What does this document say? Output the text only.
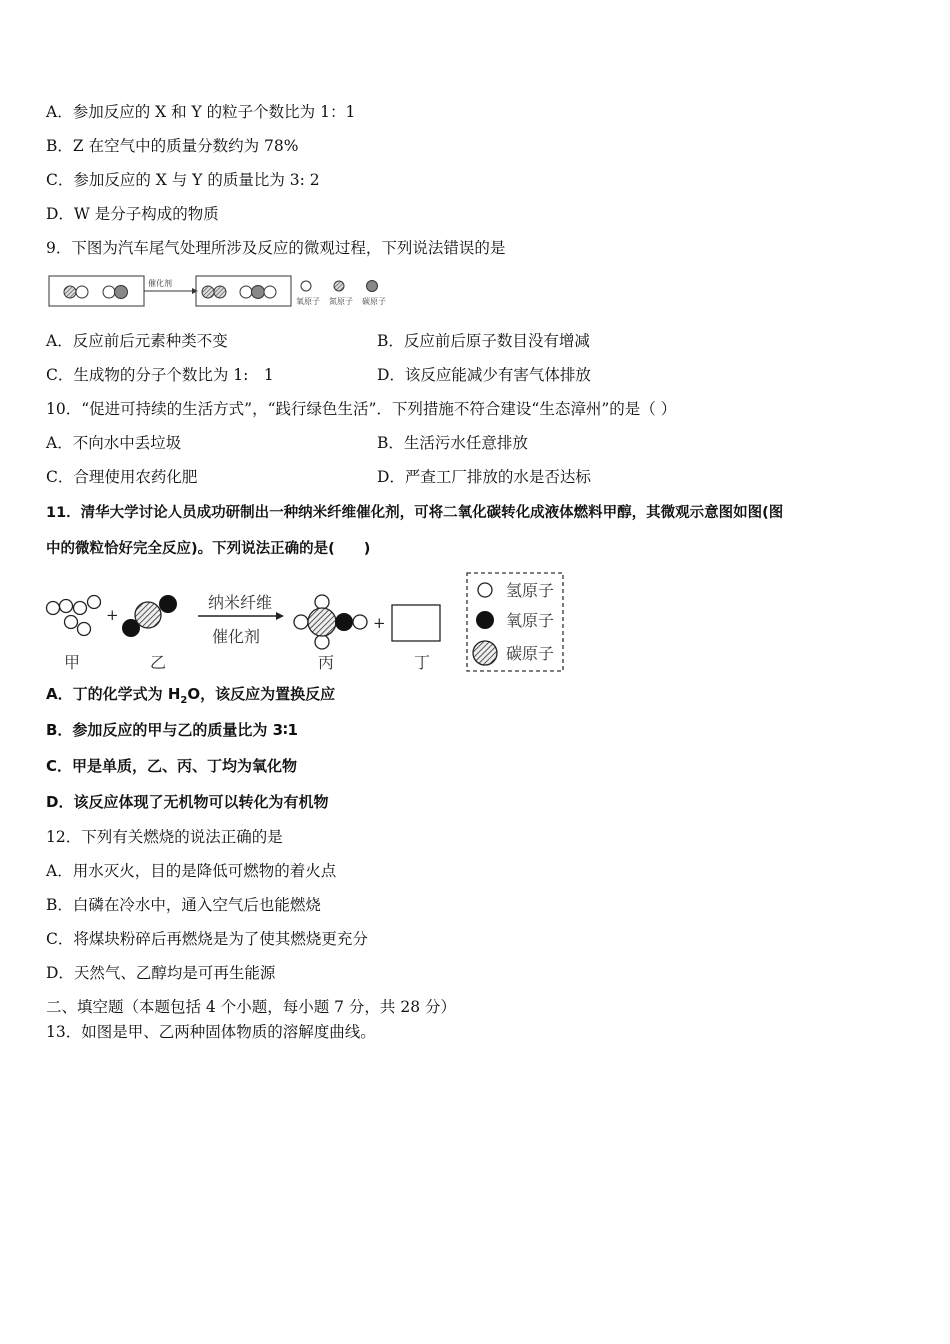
A．参加反应的 X 和 Y 的粒子个数比为 1：1
B．Z 在空气中的质量分数约为 78%
C．参加反应的 X 与 Y 的质量比为 3: 2
D．W 是分子构成的物质
9．下图为汽车尾气处理所涉及反应的微观过程，下列说法错误的是
催化剂
氧原子 氮原子 碳原子
A．反应前后元素种类不变	B．反应前后原子数目没有增减
C．生成物的分子个数比为 1:　1	D．该反应能减少有害气体排放
10．“促进可持续的生活方式”，“践行绿色生活”．下列措施不符合建设“生态漳州”的是（ ）
A．不向水中丢垃圾	B．生活污水任意排放
C．合理使用农药化肥	D．严查工厂排放的水是否达标
11．清华大学讨论人员成功研制出一种纳米纤维催化剂，可将二氧化碳转化成液体燃料甲醇，其微观示意图如图(图
中的微粒恰好完全反应)。下列说法正确的是(　　)
+
纳米纤维
催化剂
+
甲	乙	丙	丁
氢原子
氧原子
碳原子
A．丁的化学式为 $H_2O$，该反应为置换反应
B．参加反应的甲与乙的质量比为 3∶1
C．甲是单质，乙、丙、丁均为氧化物
D．该反应体现了无机物可以转化为有机物
12．下列有关燃烧的说法正确的是
A．用水灭火，目的是降低可燃物的着火点
B．白磷在冷水中，通入空气后也能燃烧
C．将煤块粉碎后再燃烧是为了使其燃烧更充分
D．天然气、乙醇均是可再生能源
二、填空题（本题包括 4 个小题，每小题 7 分，共 28 分）
13．如图是甲、乙两种固体物质的溶解度曲线。
